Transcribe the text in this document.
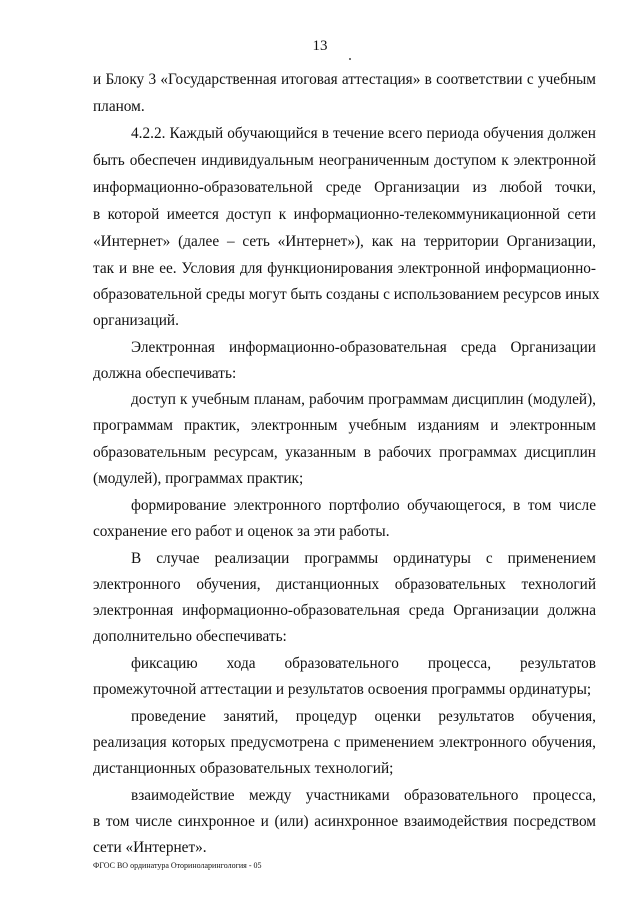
13
и Блоку 3 «Государственная итоговая аттестация» в соответствии с учебным
планом.
4.2.2. Каждый обучающийся в течение всего периода обучения должен
быть обеспечен индивидуальным неограниченным доступом к электронной
информационно-образовательной среде Организации из любой точки,
в которой имеется доступ к информационно-телекоммуникационной сети
«Интернет» (далее – сеть «Интернет»), как на территории Организации,
так и вне ее. Условия для функционирования электронной информационно-
образовательной среды могут быть созданы с использованием ресурсов иных
организаций.
Электронная информационно-образовательная среда Организации
должна обеспечивать:
доступ к учебным планам, рабочим программам дисциплин (модулей),
программам практик, электронным учебным изданиям и электронным
образовательным ресурсам, указанным в рабочих программах дисциплин
(модулей), программах практик;
формирование электронного портфолио обучающегося, в том числе
сохранение его работ и оценок за эти работы.
В случае реализации программы ординатуры с применением
электронного обучения, дистанционных образовательных технологий
электронная информационно-образовательная среда Организации должна
дополнительно обеспечивать:
фиксацию хода образовательного процесса, результатов
промежуточной аттестации и результатов освоения программы ординатуры;
проведение занятий, процедур оценки результатов обучения,
реализация которых предусмотрена с применением электронного обучения,
дистанционных образовательных технологий;
взаимодействие между участниками образовательного процесса,
в том числе синхронное и (или) асинхронное взаимодействия посредством
сети «Интернет».
ФГОС ВО ординатура Оториноларингология - 05
